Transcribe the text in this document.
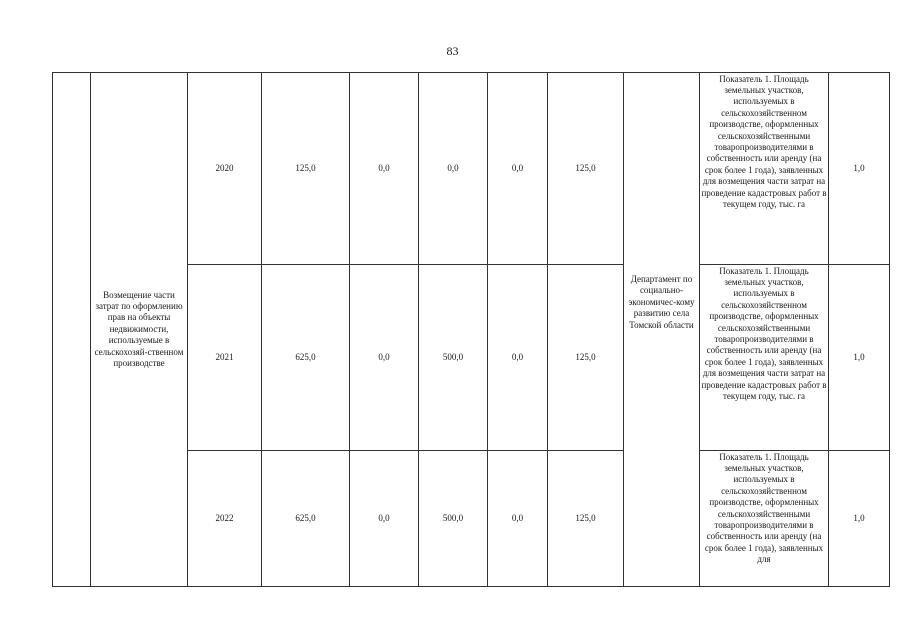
83
	Возмещение части затрат по оформлению прав на объекты недвижимости, используемые в сельскохозяй-ственном производстве	2020	125,0	0,0	0,0	0,0	125,0	Департамент по социально-экономичес-кому развитию села Томской области	Показатель 1. Площадь земельных участков, используемых в сельскохозяйственном производстве, оформленных сельскохозяйственными товаропроизводителями в собственность или аренду (на срок более 1 года), заявленных для возмещения части затрат на проведение кадастровых работ в текущем году, тыс. га	1,0
		2021	625,0	0,0	500,0	0,0	125,0		Показатель 1. Площадь земельных участков, используемых в сельскохозяйственном производстве, оформленных сельскохозяйственными товаропроизводителями в собственность или аренду (на срок более 1 года), заявленных для возмещения части затрат на проведение кадастровых работ в текущем году, тыс. га	1,0
		2022	625,0	0,0	500,0	0,0	125,0		Показатель 1. Площадь земельных участков, используемых в сельскохозяйственном производстве, оформленных сельскохозяйственными товаропроизводителями в собственность или аренду (на срок более 1 года), заявленных для	1,0
